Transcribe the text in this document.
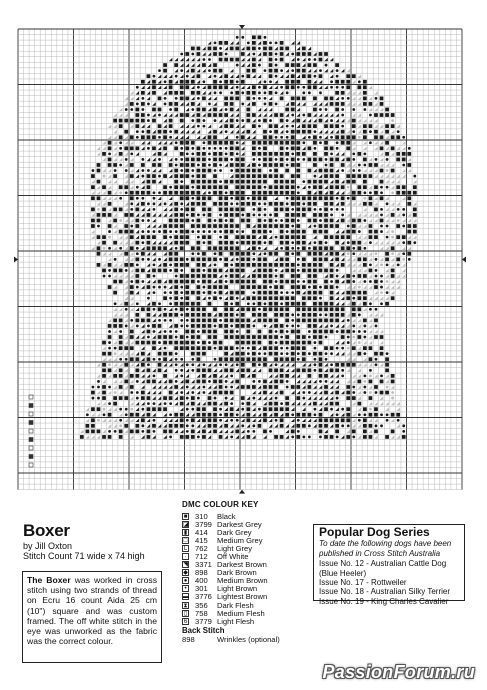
Boxer
by Jill Oxton
Stitch Count 71 wide x 74 high
The Boxer was worked in cross stitch using two strands of thread on Ecru 16 count Aida 25 cm (10") square and was custom framed. The off white stitch in the eye was unworked as the fabric was the correct colour.
DMC COLOUR KEY
■ 310	Black
◪ 3799 Darkest Grey
▮ 414	Dark Grey
□ 415	Medium Grey
L 762	Light Grey
·	712	Off White
◥ 3371 Darkest Brown
◆ 898	Dark Brown
● 400	Medium Brown
•	301	Light Brown
▬ 3776 Lightest Brown
⧗ 356	Dark Flesh
▯ 758	Medium Flesh
6 3779 Light Flesh
Back Stitch
898	Wrinkles (optional)
Popular Dog Series
To date the following dogs have been published in Cross Stitch Australia
Issue No. 12 - Australian Cattle Dog (Blue Heeler)
Issue No. 17 - Rottweiler
Issue No. 18 - Australian Silky Terrier
Issue No. 19 - King Charles Cavalier
PassionForum.ru
